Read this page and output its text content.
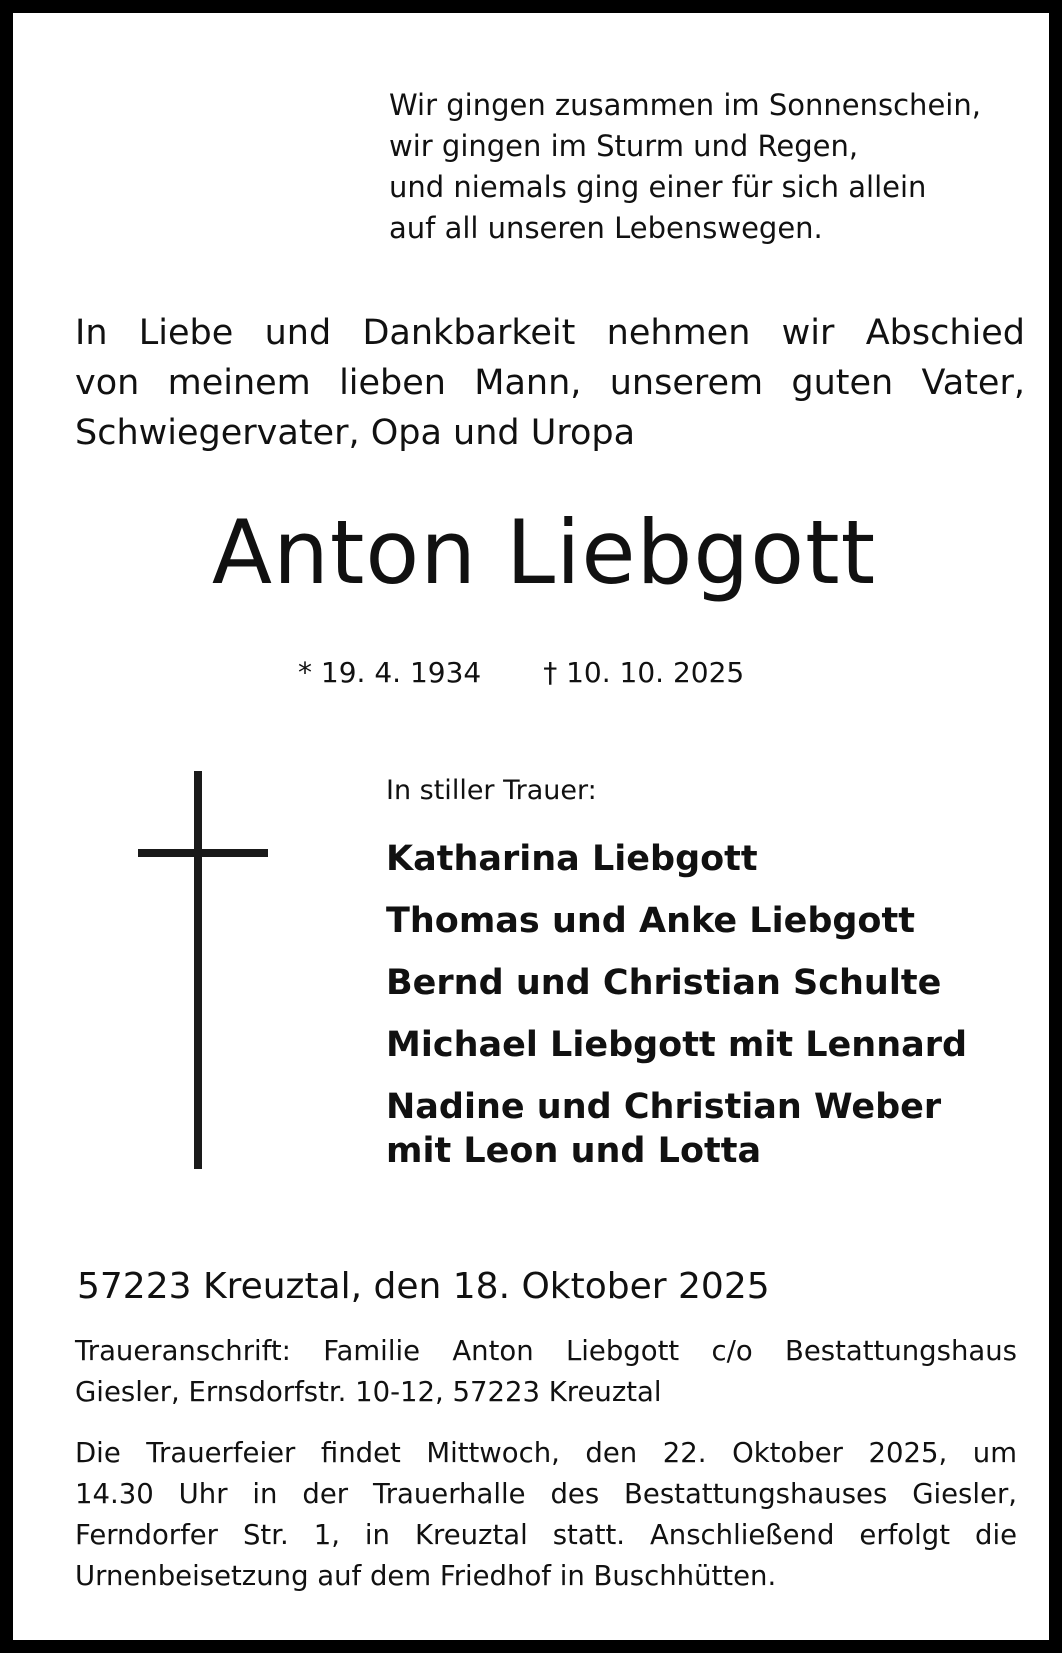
Wir gingen zusammen im Sonnenschein,
wir gingen im Sturm und Regen,
und niemals ging einer für sich allein
auf all unseren Lebenswegen.
In Liebe und Dankbarkeit nehmen wir Abschied
von meinem lieben Mann, unserem guten Vater,
Schwiegervater, Opa und Uropa
Anton Liebgott
* 19. 4. 1934 † 10. 10. 2025
In stiller Trauer:
Katharina Liebgott
Thomas und Anke Liebgott
Bernd und Christian Schulte
Michael Liebgott mit Lennard
Nadine und Christian Weber
mit Leon und Lotta
57223 Kreuztal, den 18. Oktober 2025
Traueranschrift: Familie Anton Liebgott c/o Bestattungshaus
Giesler, Ernsdorfstr. 10-12, 57223 Kreuztal
Die Trauerfeier findet Mittwoch, den 22. Oktober 2025, um
14.30 Uhr in der Trauerhalle des Bestattungshauses Giesler,
Ferndorfer Str. 1, in Kreuztal statt. Anschließend erfolgt die
Urnenbeisetzung auf dem Friedhof in Buschhütten.
